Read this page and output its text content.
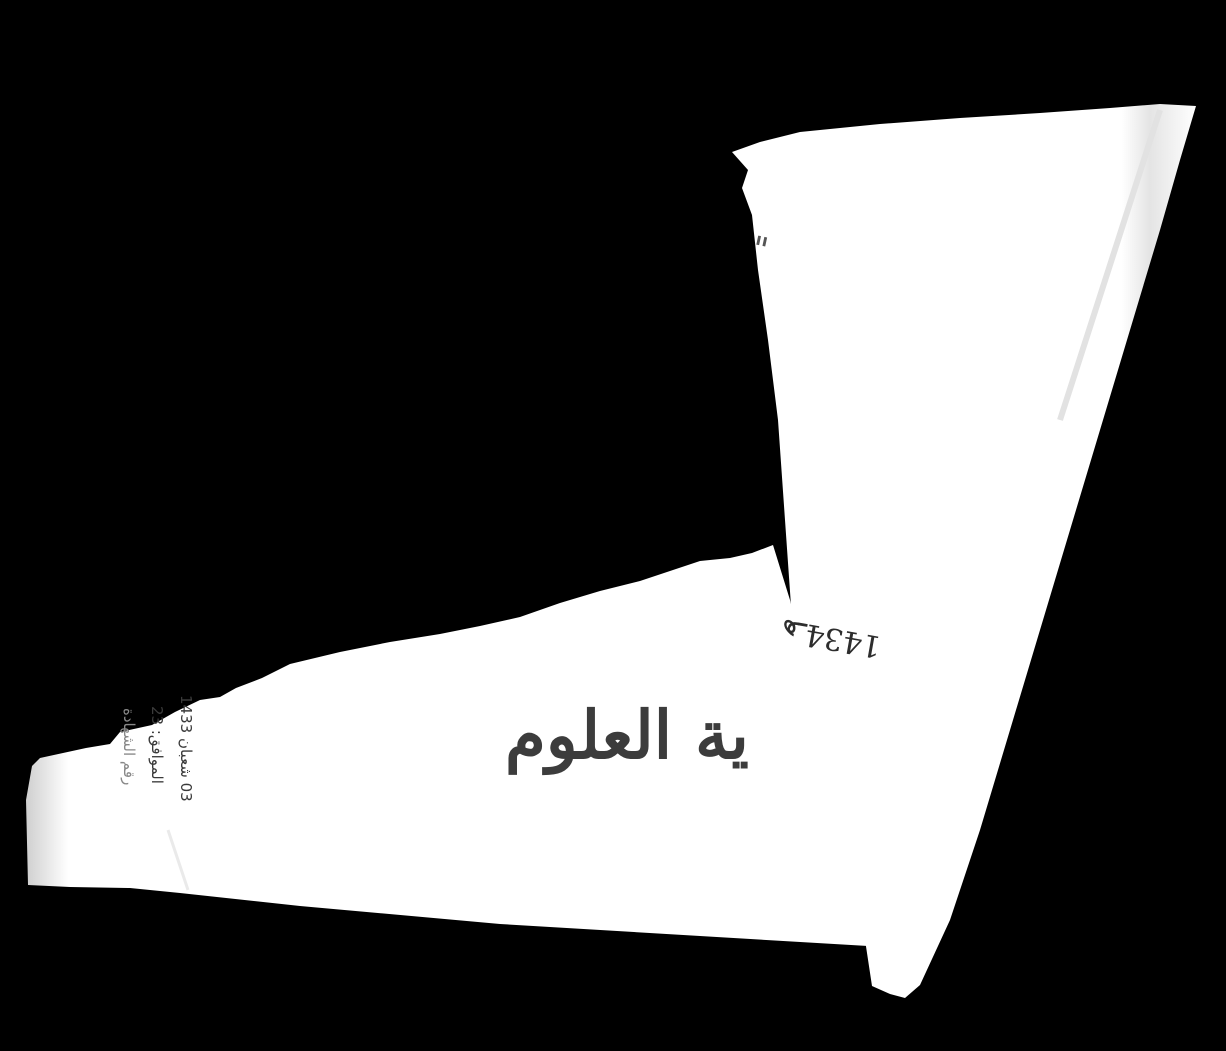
ية العلوم
03 شعبان 1433
الموافق: 23
رقم الشهادة
1434هـ
"
